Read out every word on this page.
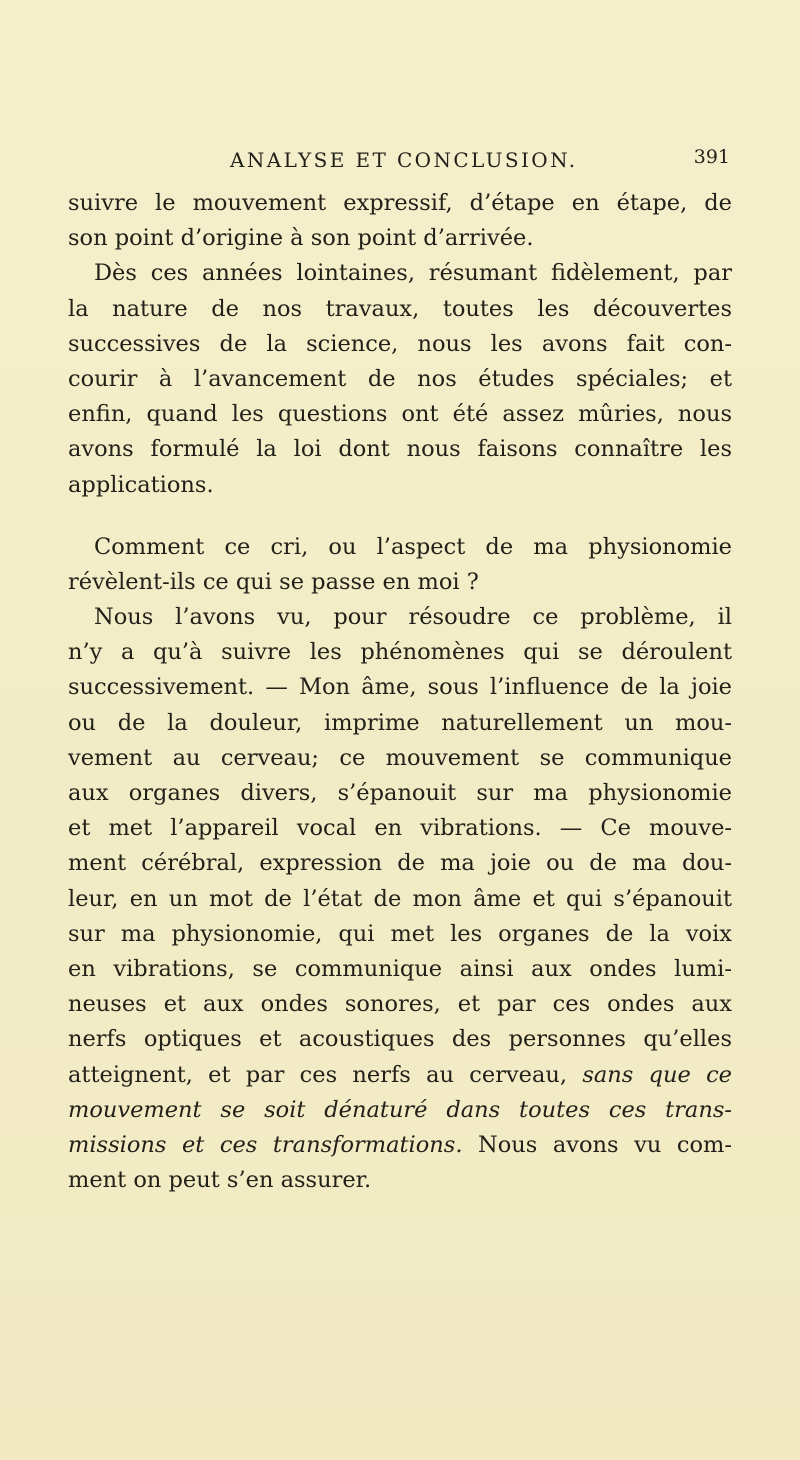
ANALYSE ET CONCLUSION.	391
suivre le mouvement expressif, d’étape en étape, de
son point d’origine à son point d’arrivée.
Dès ces années lointaines, résumant fidèlement, par
la nature de nos travaux, toutes les découvertes
successives de la science, nous les avons fait con-
courir à l’avancement de nos études spéciales; et
enfin, quand les questions ont été assez mûries, nous
avons formulé la loi dont nous faisons connaître les
applications.
Comment ce cri, ou l’aspect de ma physionomie
révèlent-ils ce qui se passe en moi ?
Nous l’avons vu, pour résoudre ce problème, il
n’y a qu’à suivre les phénomènes qui se déroulent
successivement. — Mon âme, sous l’influence de la joie
ou de la douleur, imprime naturellement un mou-
vement au cerveau; ce mouvement se communique
aux organes divers, s’épanouit sur ma physionomie
et met l’appareil vocal en vibrations. — Ce mouve-
ment cérébral, expression de ma joie ou de ma dou-
leur, en un mot de l’état de mon âme et qui s’épanouit
sur ma physionomie, qui met les organes de la voix
en vibrations, se communique ainsi aux ondes lumi-
neuses et aux ondes sonores, et par ces ondes aux
nerfs optiques et acoustiques des personnes qu’elles
atteignent, et par ces nerfs au cerveau, sans que ce
mouvement se soit dénaturé dans toutes ces trans-
missions et ces transformations. Nous avons vu com-
ment on peut s’en assurer.
